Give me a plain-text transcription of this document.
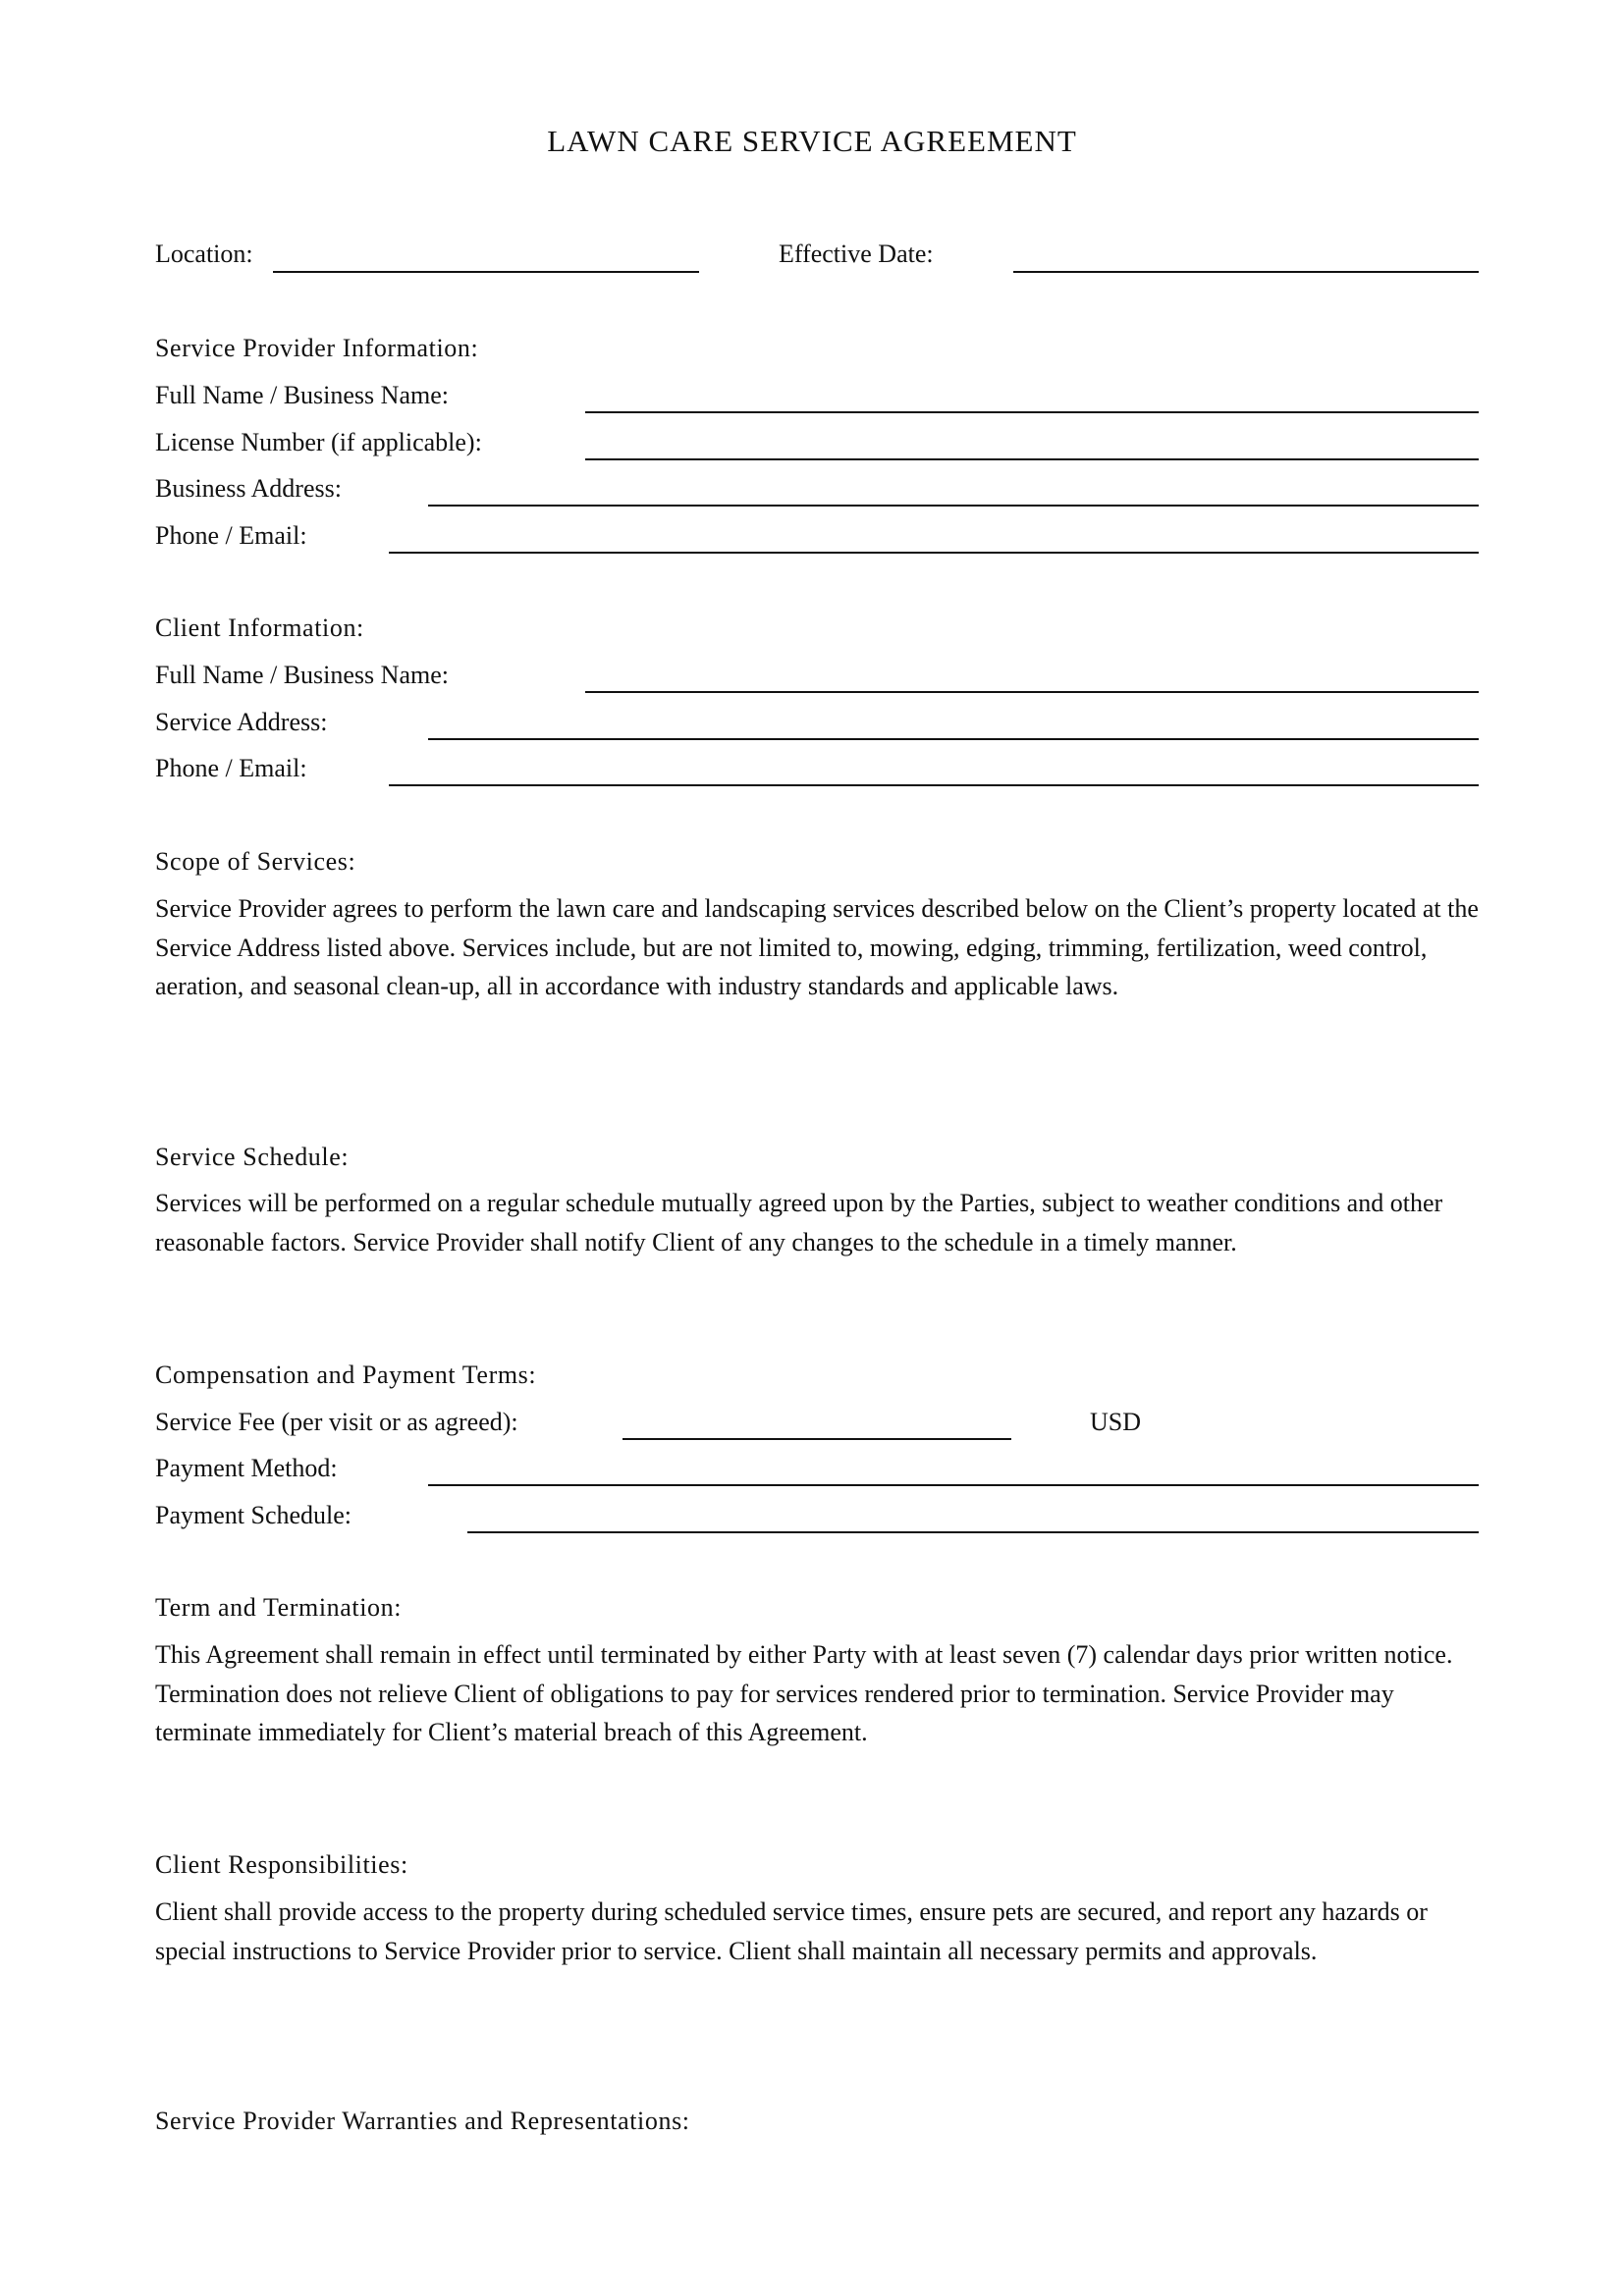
LAWN CARE SERVICE AGREEMENT
Location:	Effective Date:
Service Provider Information:
Full Name / Business Name:
License Number (if applicable):
Business Address:
Phone / Email:
Client Information:
Full Name / Business Name:
Service Address:
Phone / Email:
Scope of Services:
Service Provider agrees to perform the lawn care and landscaping services described below on the Client’s property located at the Service Address listed above. Services include, but are not limited to, mowing, edging, trimming, fertilization, weed control, aeration, and seasonal clean-up, all in accordance with industry standards and applicable laws.
Service Schedule:
Services will be performed on a regular schedule mutually agreed upon by the Parties, subject to weather conditions and other reasonable factors. Service Provider shall notify Client of any changes to the schedule in a timely manner.
Compensation and Payment Terms:
Service Fee (per visit or as agreed):	USD
Payment Method:
Payment Schedule:
Term and Termination:
This Agreement shall remain in effect until terminated by either Party with at least seven (7) calendar days prior written notice. Termination does not relieve Client of obligations to pay for services rendered prior to termination. Service Provider may terminate immediately for Client’s material breach of this Agreement.
Client Responsibilities:
Client shall provide access to the property during scheduled service times, ensure pets are secured, and report any hazards or special instructions to Service Provider prior to service. Client shall maintain all necessary permits and approvals.
Service Provider Warranties and Representations:
